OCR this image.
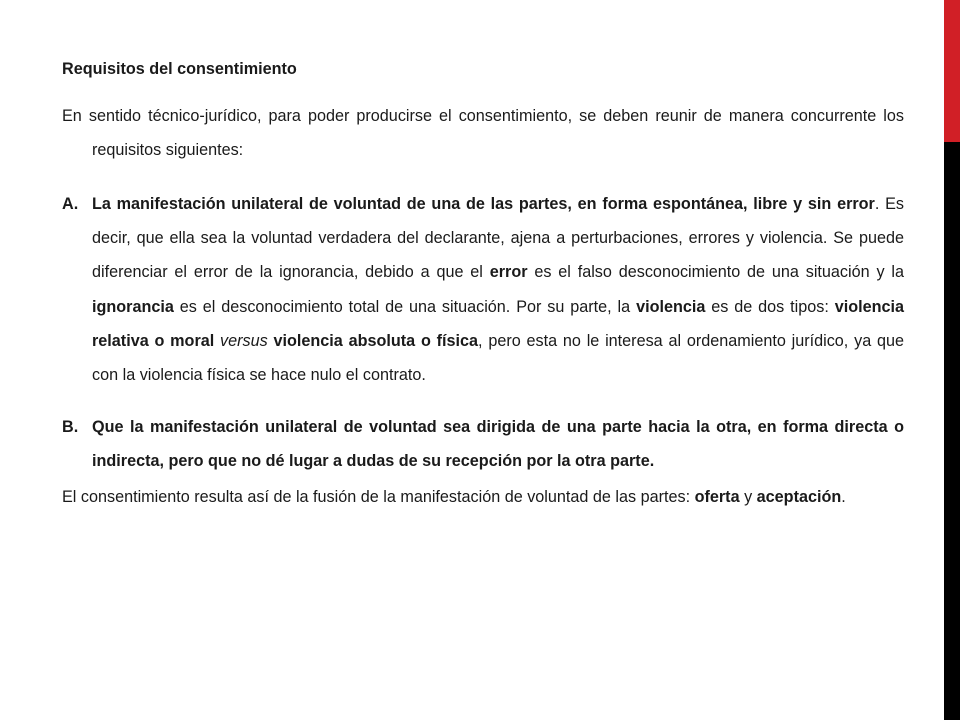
Requisitos del consentimiento

En sentido técnico-jurídico, para poder producirse el consentimiento, se deben reunir de manera concurrente los requisitos siguientes:

A. La manifestación unilateral de voluntad de una de las partes, en forma espontánea, libre y sin error. Es decir, que ella sea la voluntad verdadera del declarante, ajena a perturbaciones, errores y violencia. Se puede diferenciar el error de la ignorancia, debido a que el error es el falso desconocimiento de una situación y la ignorancia es el desconocimiento total de una situación. Por su parte, la violencia es de dos tipos: violencia relativa o moral versus violencia absoluta o física, pero esta no le interesa al ordenamiento jurídico, ya que con la violencia física se hace nulo el contrato.

B. Que la manifestación unilateral de voluntad sea dirigida de una parte hacia la otra, en forma directa o indirecta, pero que no dé lugar a dudas de su recepción por la otra parte.

El consentimiento resulta así de la fusión de la manifestación de voluntad de las partes: oferta y aceptación.
